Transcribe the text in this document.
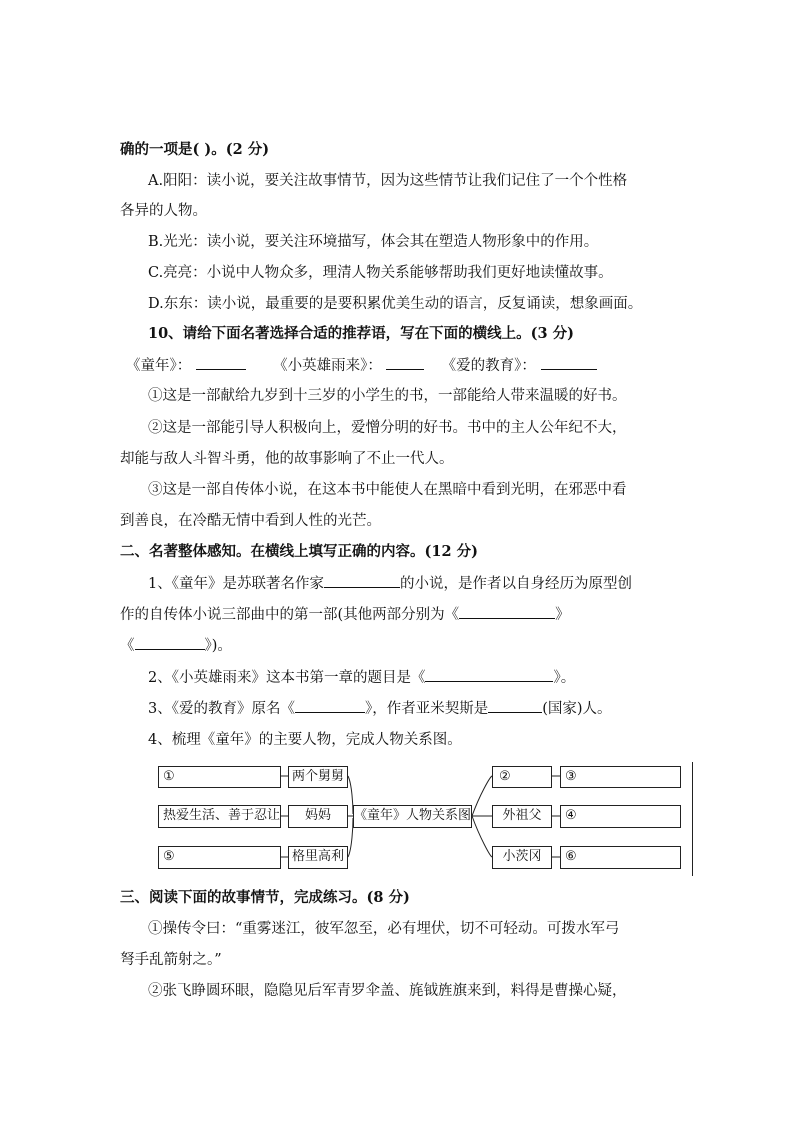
确的一项是( )。(2 分)
A.阳阳：读小说，要关注故事情节，因为这些情节让我们记住了一个个性格
各异的人物。
B.光光：读小说，要关注环境描写，体会其在塑造人物形象中的作用。
C.亮亮：小说中人物众多，理清人物关系能够帮助我们更好地读懂故事。
D.东东：读小说，最重要的是要积累优美生动的语言，反复诵读，想象画面。
10、请给下面名著选择合适的推荐语，写在下面的横线上。(3 分)
《童年》：	《小英雄雨来》：	《爱的教育》：
①这是一部献给九岁到十三岁的小学生的书，一部能给人带来温暖的好书。
②这是一部能引导人积极向上，爱憎分明的好书。书中的主人公年纪不大，
却能与敌人斗智斗勇，他的故事影响了不止一代人。
③这是一部自传体小说，在这本书中能使人在黑暗中看到光明，在邪恶中看
到善良，在冷酷无情中看到人性的光芒。
二、名著整体感知。在横线上填写正确的内容。(12 分)
1、《童年》是苏联著名作家	的小说，是作者以自身经历为原型创
作的自传体小说三部曲中的第一部(其他两部分别为《	》
《	》)。
2、《小英雄雨来》这本书第一章的题目是《	》。
3、《爱的教育》原名《	》，作者亚米契斯是	(国家)人。
4、梳理《童年》的主要人物，完成人物关系图。
①
热爱生活、善于忍让
⑤
两个舅舅
妈妈
格里高利
《童年》人物关系图
②
外祖父
小茨冈
③
④
⑥
三、阅读下面的故事情节，完成练习。(8 分)
①操传令曰：“重雾迷江，彼军忽至，必有埋伏，切不可轻动。可拨水军弓
弩手乱箭射之。”
②张飞睁圆环眼，隐隐见后军青罗伞盖、旄钺旌旗来到，料得是曹操心疑，
